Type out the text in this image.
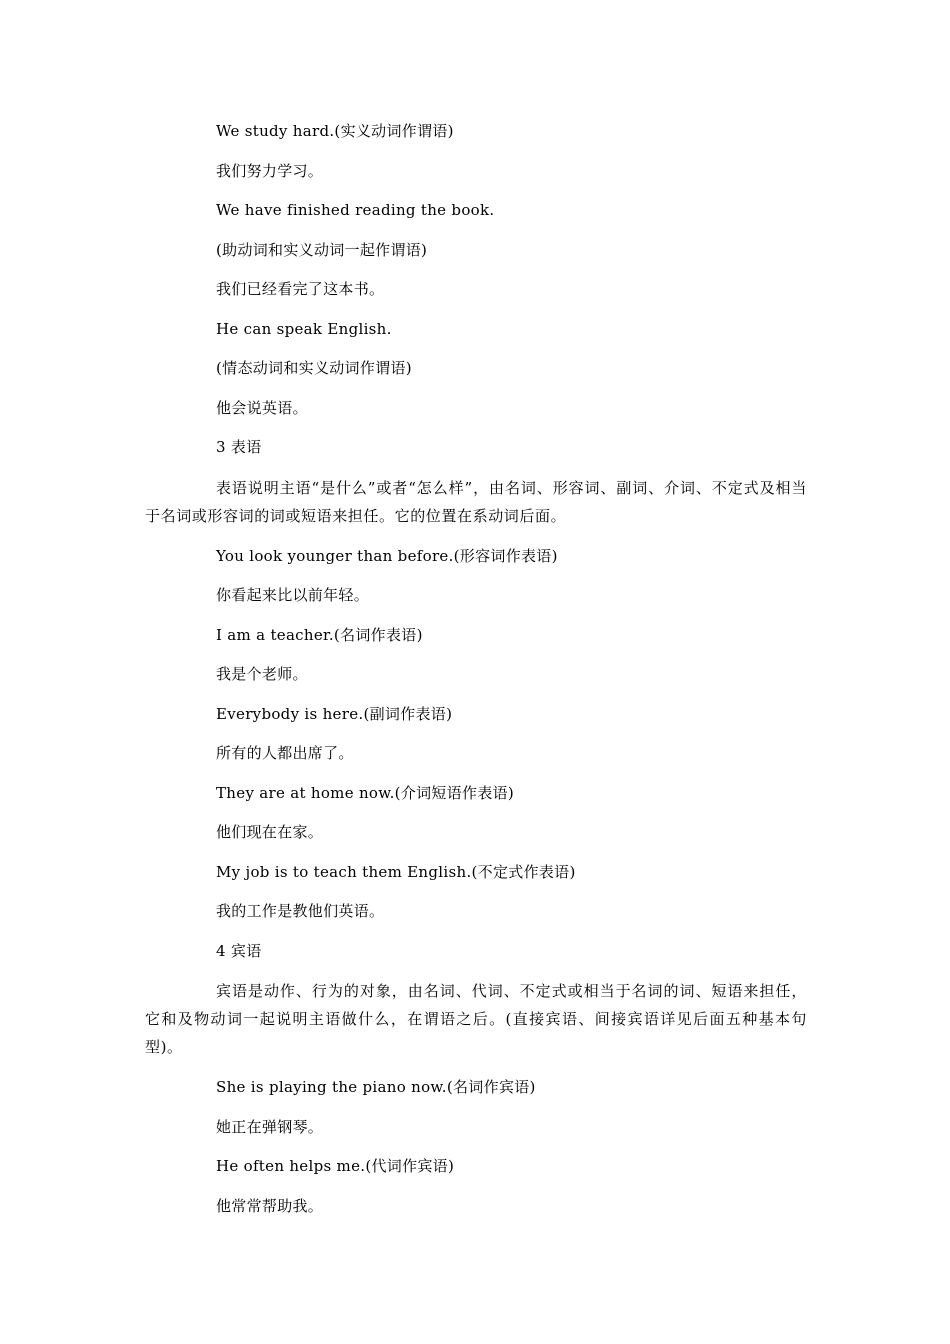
We study hard.(实义动词作谓语)

我们努力学习。

We have finished reading the book.

(助动词和实义动词一起作谓语)

我们已经看完了这本书。

He can speak English.

(情态动词和实义动词作谓语)

他会说英语。

3 表语

表语说明主语“是什么”或者“怎么样”，由名词、形容词、副词、介词、不定式及相当于名词或形容词的词或短语来担任。它的位置在系动词后面。

You look younger than before.(形容词作表语)

你看起来比以前年轻。

I am a teacher.(名词作表语)

我是个老师。

Everybody is here.(副词作表语)

所有的人都出席了。

They are at home now.(介词短语作表语)

他们现在在家。

My job is to teach them English.(不定式作表语)

我的工作是教他们英语。

4 宾语

宾语是动作、行为的对象，由名词、代词、不定式或相当于名词的词、短语来担任，它和及物动词一起说明主语做什么，在谓语之后。(直接宾语、间接宾语详见后面五种基本句型)。

She is playing the piano now.(名词作宾语)

她正在弹钢琴。

He often helps me.(代词作宾语)

他常常帮助我。
